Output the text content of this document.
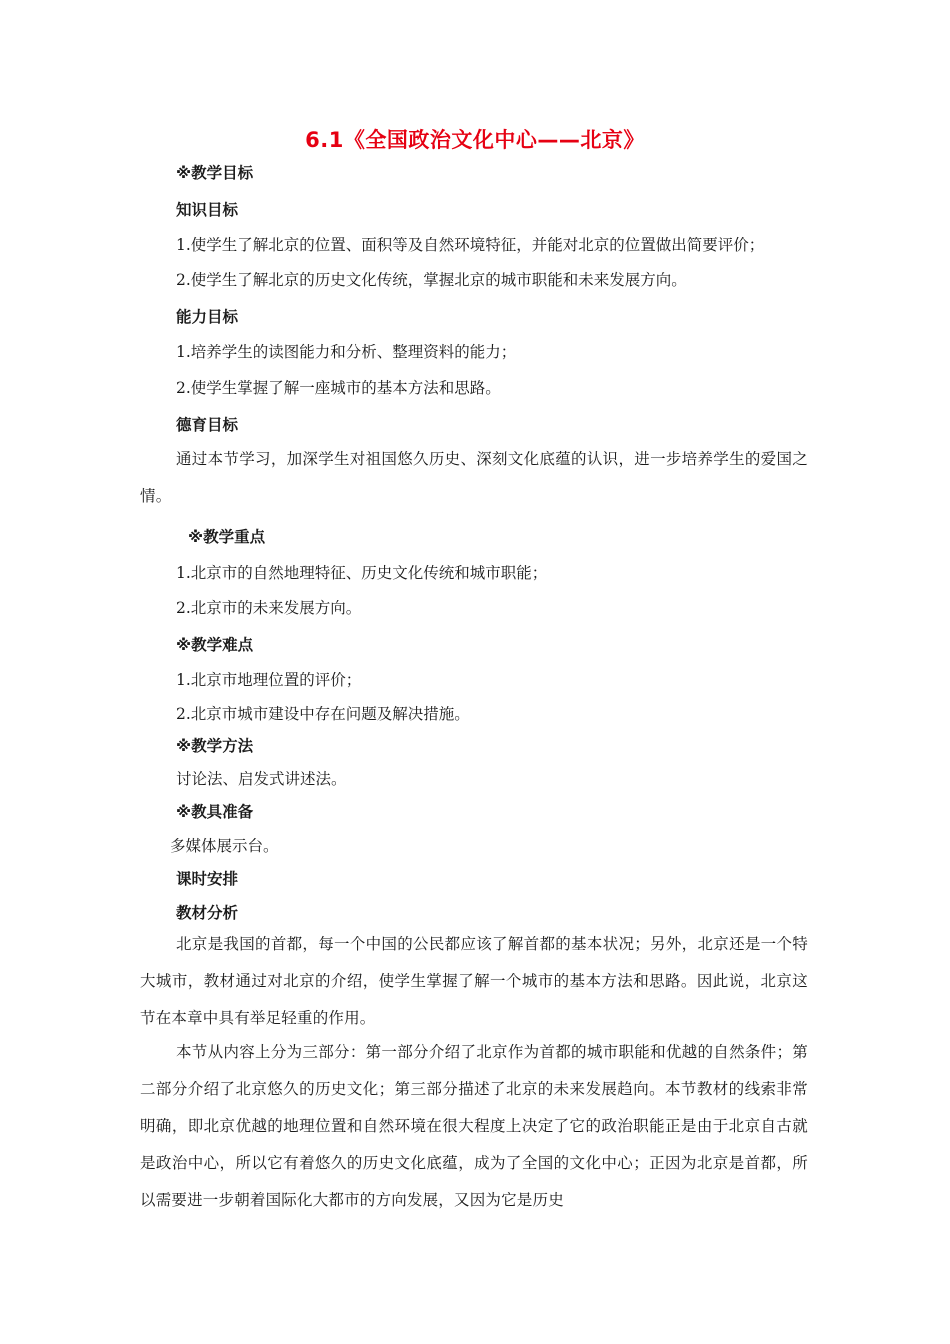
6.1《全国政治文化中心——北京》
※教学目标
知识目标
1.使学生了解北京的位置、面积等及自然环境特征，并能对北京的位置做出简要评价；
2.使学生了解北京的历史文化传统，掌握北京的城市职能和未来发展方向。
能力目标
1.培养学生的读图能力和分析、整理资料的能力；
2.使学生掌握了解一座城市的基本方法和思路。
德育目标
通过本节学习，加深学生对祖国悠久历史、深刻文化底蕴的认识，进一步培养学生的爱国之情。
※教学重点
1.北京市的自然地理特征、历史文化传统和城市职能；
2.北京市的未来发展方向。
※教学难点
1.北京市地理位置的评价；
2.北京市城市建设中存在问题及解决措施。
※教学方法
讨论法、启发式讲述法。
※教具准备
多媒体展示台。
课时安排
教材分析
北京是我国的首都，每一个中国的公民都应该了解首都的基本状况；另外，北京还是一个特大城市，教材通过对北京的介绍，使学生掌握了解一个城市的基本方法和思路。因此说，北京这节在本章中具有举足轻重的作用。
本节从内容上分为三部分：第一部分介绍了北京作为首都的城市职能和优越的自然条件；第二部分介绍了北京悠久的历史文化；第三部分描述了北京的未来发展趋向。本节教材的线索非常明确，即北京优越的地理位置和自然环境在很大程度上决定了它的政治职能正是由于北京自古就是政治中心，所以它有着悠久的历史文化底蕴，成为了全国的文化中心；正因为北京是首都，所以需要进一步朝着国际化大都市的方向发展，又因为它是历史
